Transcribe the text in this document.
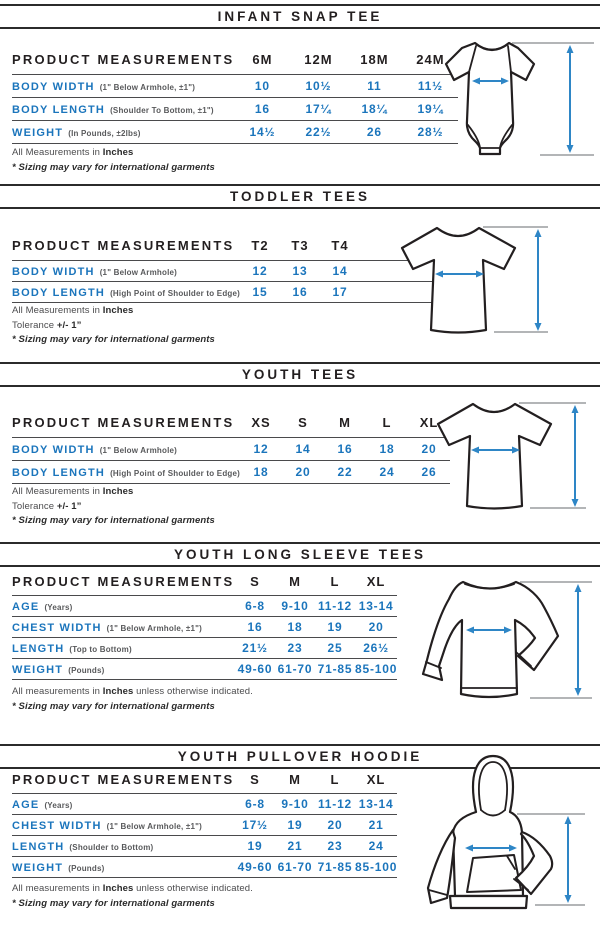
INFANT SNAP TEE
TODDLER TEES
YOUTH TEES
YOUTH LONG SLEEVE TEES
YOUTH PULLOVER HOODIE
PRODUCT MEASUREMENTS	6M	12M	18M	24M
BODY WIDTH (1" Below Armhole, ±1")	10	10½	11	11½
BODY LENGTH (Shoulder To Bottom, ±1")	16	17¼	18¼	19¼
WEIGHT (In Pounds, ±2lbs)	14½	22½	26	28½
PRODUCT MEASUREMENTS	T2	T3	T4	
BODY WIDTH (1" Below Armhole)	12	13	14	
BODY LENGTH (High Point of Shoulder to Edge)	15	16	17	
PRODUCT MEASUREMENTS	XS	S	M	L	XL
BODY WIDTH (1" Below Armhole)	12	14	16	18	20
BODY LENGTH (High Point of Shoulder to Edge)	18	20	22	24	26
PRODUCT MEASUREMENTS	S	M	L	XL
AGE (Years)	6-8	9-10	11-12	13-14
CHEST WIDTH (1" Below Armhole, ±1")	16	18	19	20
LENGTH (Top to Bottom)	21½	23	25	26½
WEIGHT (Pounds)	49-60	61-70	71-85	85-100
PRODUCT MEASUREMENTS	S	M	L	XL
AGE (Years)	6-8	9-10	11-12	13-14
CHEST WIDTH (1" Below Armhole, ±1")	17½	19	20	21
LENGTH (Shoulder to Bottom)	19	21	23	24
WEIGHT (Pounds)	49-60	61-70	71-85	85-100
All Measurements in Inches
* Sizing may vary for international garments
All Measurements in Inches
Tolerance +/- 1”
* Sizing may vary for international garments
All Measurements in Inches
Tolerance +/- 1”
* Sizing may vary for international garments
All measurements in Inches unless otherwise indicated.
* Sizing may vary for international garments
All measurements in Inches unless otherwise indicated.
* Sizing may vary for international garments
